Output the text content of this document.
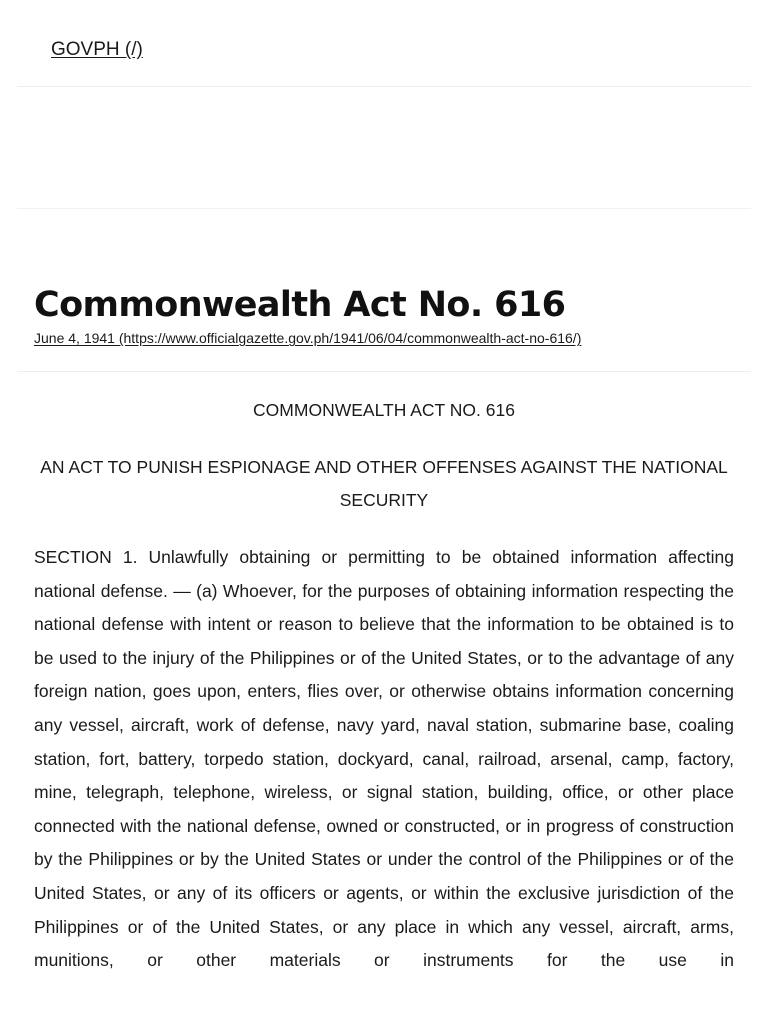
GOVPH (/)
Commonwealth Act No. 616
June 4, 1941 (https://www.officialgazette.gov.ph/1941/06/04/commonwealth-act-no-616/)

COMMONWEALTH ACT NO. 616

AN ACT TO PUNISH ESPIONAGE AND OTHER OFFENSES AGAINST THE NATIONAL SECURITY

SECTION 1. Unlawfully obtaining or permitting to be obtained information affecting national defense. — (a) Whoever, for the purposes of obtaining information respecting the national defense with intent or reason to believe that the information to be obtained is to be used to the injury of the Philippines or of the United States, or to the advantage of any foreign nation, goes upon, enters, flies over, or otherwise obtains information concerning any vessel, aircraft, work of defense, navy yard, naval station, submarine base, coaling station, fort, battery, torpedo station, dockyard, canal, railroad, arsenal, camp, factory, mine, telegraph, telephone, wireless, or signal station, building, office, or other place connected with the national defense, owned or constructed, or in progress of construction by the Philippines or by the United States or under the control of the Philippines or of the United States, or any of its officers or agents, or within the exclusive jurisdiction of the Philippines or of the United States, or any place in which any vessel, aircraft, arms, munitions, or other materials or instruments for the use in
